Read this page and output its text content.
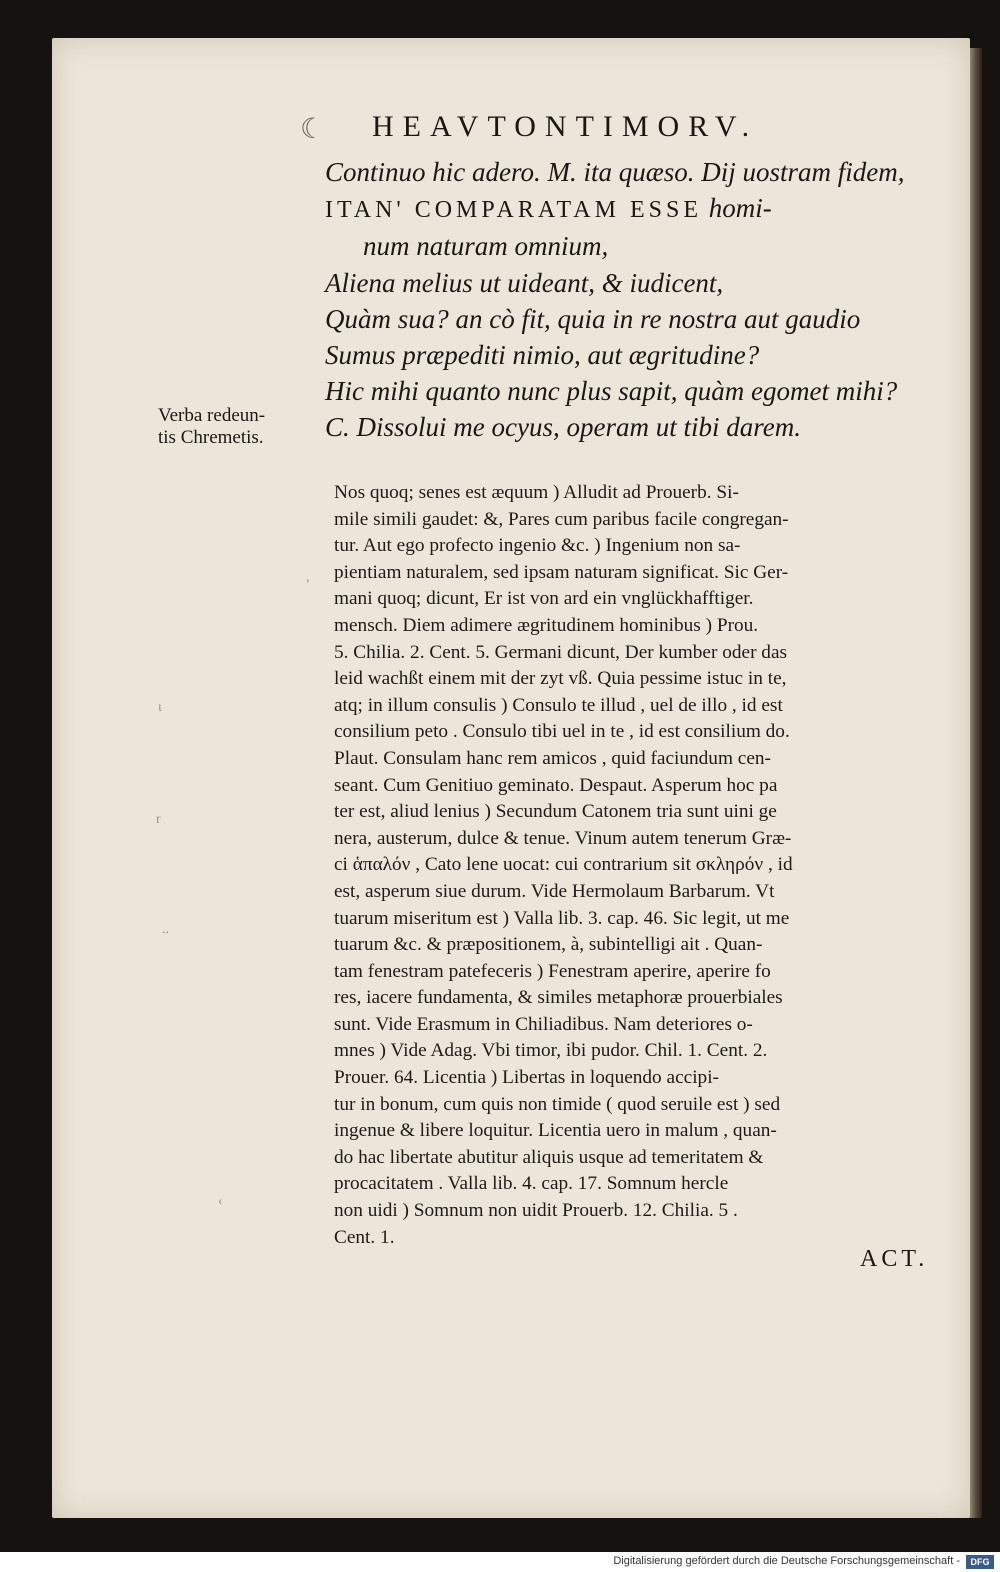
☾ HEAVTONTIMORV.
Continuo hic adero. M. ita quæso. Dij uostram fidem,
ITAN' COMPARATAM ESSE homi-
num naturam omnium,
Aliena melius ut uideant, & iudicent,
Quàm sua? an cò fit, quia in re nostra aut gaudio
Sumus præpediti nimio, aut ægritudine?
Hic mihi quanto nunc plus sapit, quàm egomet mihi?
C. Dissolui me ocyus, operam ut tibi darem.
Verba redeun-
tis Chremetis.
Nos quoq; senes est æquum ) Alludit ad Prouerb. Si-
mile simili gaudet: &, Pares cum paribus facile congregan-
tur. Aut ego profecto ingenio &c. ) Ingenium non sa-
pientiam naturalem, sed ipsam naturam significat. Sic Ger-
mani quoq; dicunt, Er ist von ard ein vnglückhafftiger.
mensch. Diem adimere ægritudinem hominibus ) Prou.
5. Chilia. 2. Cent. 5. Germani dicunt, Der kumber oder das
leid wachßt einem mit der zyt vß. Quia pessime istuc in te,
atq; in illum consulis ) Consulo te illud , uel de illo , id est
consilium peto . Consulo tibi uel in te , id est consilium do.
Plaut. Consulam hanc rem amicos , quid faciundum cen-
seant. Cum Genitiuo geminato. Despaut. Asperum hoc pa
ter est, aliud lenius ) Secundum Catonem tria sunt uini ge
nera, austerum, dulce & tenue. Vinum autem tenerum Græ-
ci ἁπαλόν , Cato lene uocat: cui contrarium sit σκληρόν , id
est, asperum siue durum. Vide Hermolaum Barbarum. Vt
tuarum miseritum est ) Valla lib. 3. cap. 46. Sic legit, ut me
tuarum &c. & præpositionem, à, subintelligi ait . Quan-
tam fenestram patefeceris ) Fenestram aperire, aperire fo
res, iacere fundamenta, & similes metaphoræ prouerbiales
sunt. Vide Erasmum in Chiliadibus. Nam deteriores o-
mnes ) Vide Adag. Vbi timor, ibi pudor. Chil. 1. Cent. 2.
Prouer. 64. Licentia ) Libertas in loquendo accipi-
tur in bonum, cum quis non timide ( quod seruile est ) sed
ingenue & libere loquitur. Licentia uero in malum , quan-
do hac libertate abutitur aliquis usque ad temeritatem &
procacitatem . Valla lib. 4. cap. 17. Somnum hercle
non uidi ) Somnum non uidit Prouerb. 12. Chilia. 5 .
Cent. 1.
ACT.
,
ι
r
∙∙
‹
Digitalisierung gefördert durch die Deutsche Forschungsgemeinschaft -	DFG
